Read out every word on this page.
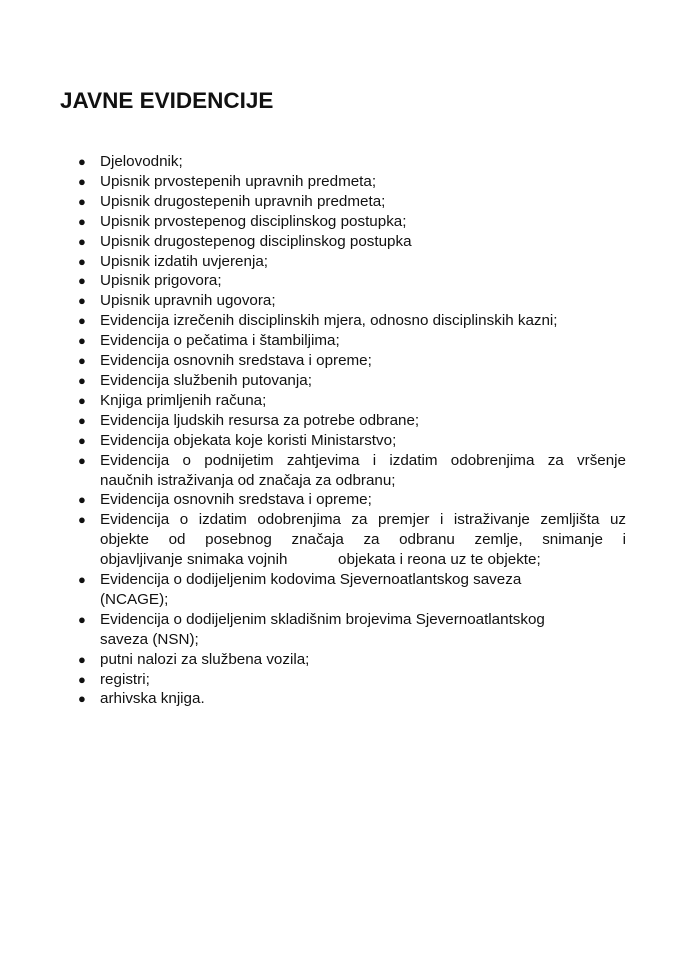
JAVNE EVIDENCIJE
● Djelovodnik;
● Upisnik prvostepenih upravnih predmeta;
● Upisnik drugostepenih upravnih predmeta;
● Upisnik prvostepenog disciplinskog postupka;
● Upisnik drugostepenog disciplinskog postupka
● Upisnik izdatih uvjerenja;
● Upisnik prigovora;
● Upisnik upravnih ugovora;
● Evidencija izrečenih disciplinskih mjera, odnosno disciplinskih kazni;
● Evidencija o pečatima i štambiljima;
● Evidencija osnovnih sredstava i opreme;
● Evidencija službenih putovanja;
● Knjiga primljenih računa;
● Evidencija ljudskih resursa za potrebe odbrane;
● Evidencija objekata koje koristi Ministarstvo;
● Evidencija o podnijetim zahtjevima i izdatim odobrenjima za vršenje
naučnih istraživanja od značaja za odbranu;
● Evidencija osnovnih sredstava i opreme;
● Evidencija o izdatim odobrenjima za premjer i istraživanje zemljišta uz
objekte od posebnog značaja za odbranu zemlje, snimanje i
objavljivanje snimaka vojnih            objekata i reona uz te objekte;
● Evidencija o dodijeljenim kodovima Sjevernoatlantskog saveza
(NCAGE);
● Evidencija o dodijeljenim skladišnim brojevima Sjevernoatlantskog
saveza (NSN);
● putni nalozi za službena vozila;
● registri;
● arhivska knjiga.
